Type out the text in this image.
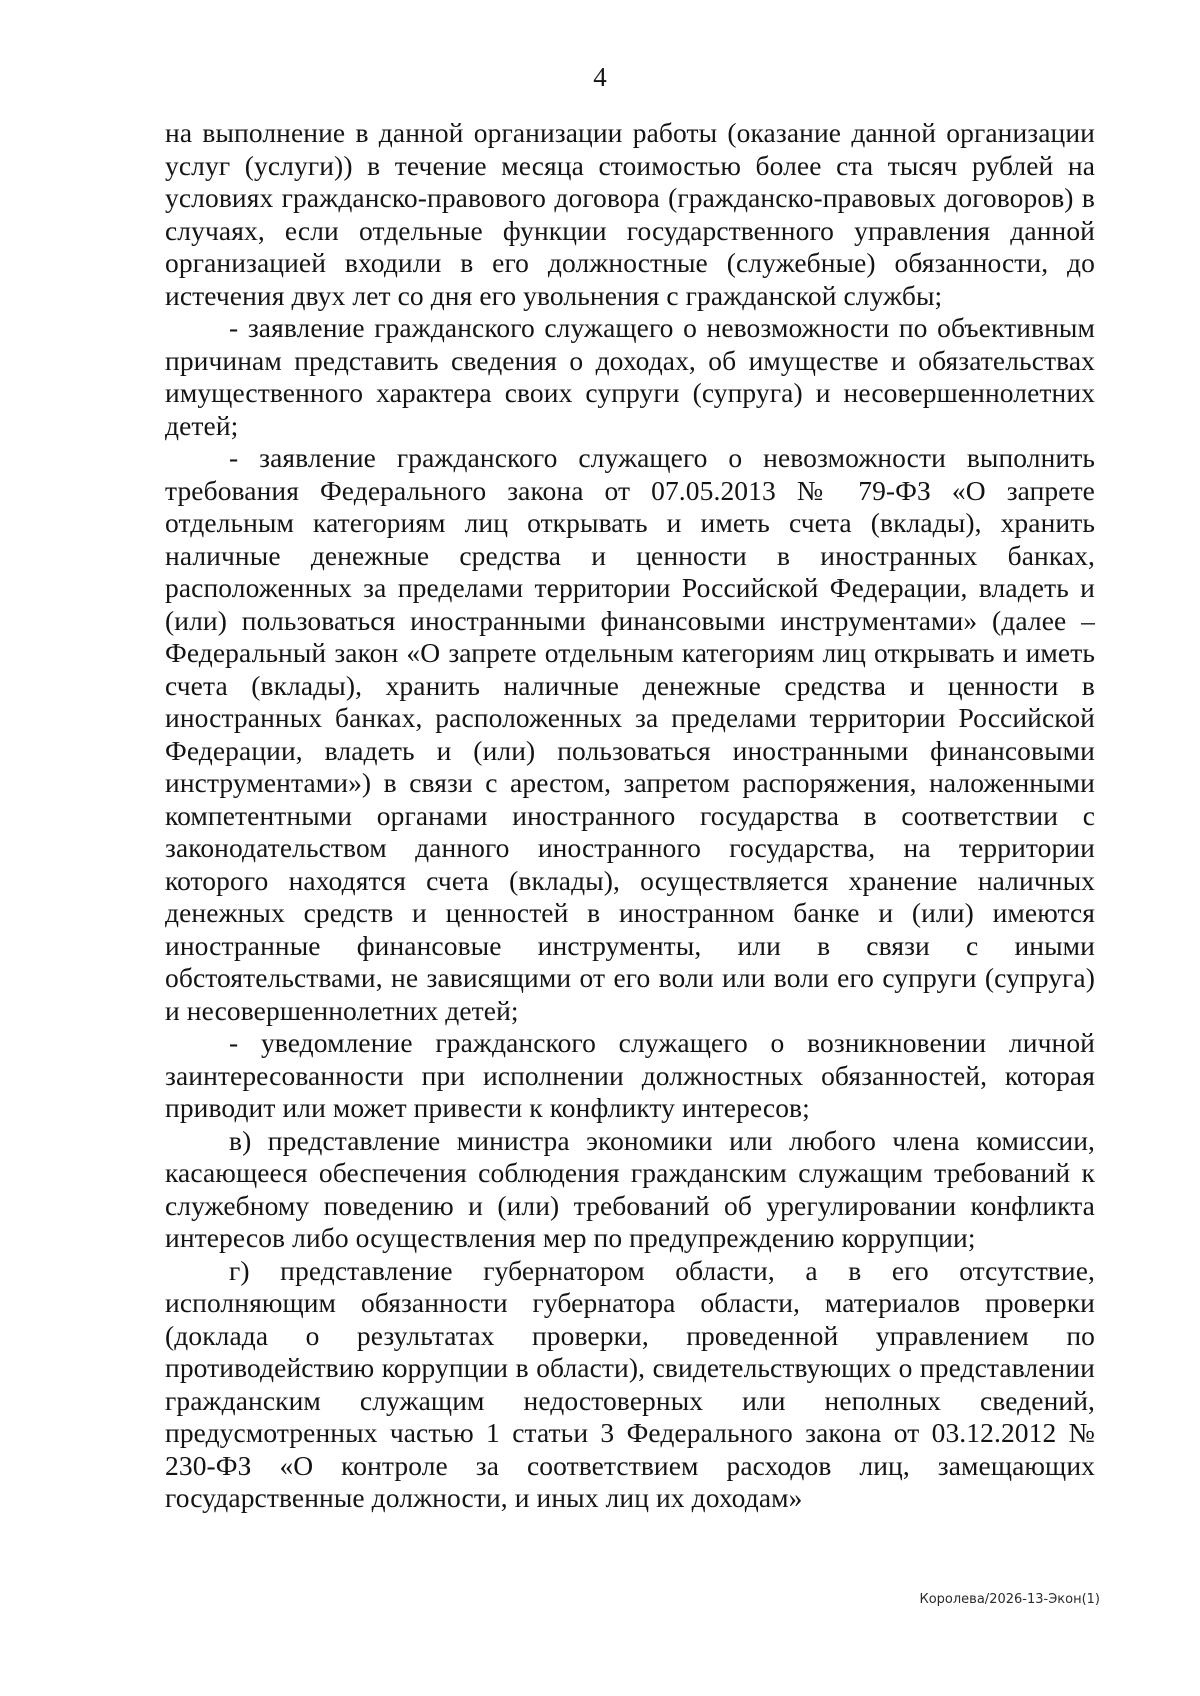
4

на выполнение в данной организации работы (оказание данной организации услуг (услуги)) в течение месяца стоимостью более ста тысяч рублей на условиях гражданско-правового договора (гражданско-правовых договоров) в случаях, если отдельные функции государственного управления данной организацией входили в его должностные (служебные) обязанности, до истечения двух лет со дня его увольнения с гражданской службы;

- заявление гражданского служащего о невозможности по объективным причинам представить сведения о доходах, об имуществе и обязательствах имущественного характера своих супруги (супруга) и несовершеннолетних детей;

- заявление гражданского служащего о невозможности выполнить требования Федерального закона от 07.05.2013 № 79-ФЗ «О запрете отдельным категориям лиц открывать и иметь счета (вклады), хранить наличные денежные средства и ценности в иностранных банках, расположенных за пределами территории Российской Федерации, владеть и (или) пользоваться иностранными финансовыми инструментами» (далее – Федеральный закон «О запрете отдельным категориям лиц открывать и иметь счета (вклады), хранить наличные денежные средства и ценности в иностранных банках, расположенных за пределами территории Российской Федерации, владеть и (или) пользоваться иностранными финансовыми инструментами») в связи с арестом, запретом распоряжения, наложенными компетентными органами иностранного государства в соответствии с законодательством данного иностранного государства, на территории которого находятся счета (вклады), осуществляется хранение наличных денежных средств и ценностей в иностранном банке и (или) имеются иностранные финансовые инструменты, или в связи с иными обстоятельствами, не зависящими от его воли или воли его супруги (супруга) и несовершеннолетних детей;

- уведомление гражданского служащего о возникновении личной заинтересованности при исполнении должностных обязанностей, которая приводит или может привести к конфликту интересов;

в) представление министра экономики или любого члена комиссии, касающееся обеспечения соблюдения гражданским служащим требований к служебному поведению и (или) требований об урегулировании конфликта интересов либо осуществления мер по предупреждению коррупции;

г) представление губернатором области, а в его отсутствие, исполняющим обязанности губернатора области, материалов проверки (доклада о результатах проверки, проведенной управлением по противодействию коррупции в области), свидетельствующих о представлении гражданским служащим недостоверных или неполных сведений, предусмотренных частью 1 статьи 3 Федерального закона от 03.12.2012 № 230-ФЗ «О контроле за соответствием расходов лиц, замещающих государственные должности, и иных лиц их доходам»

Королева/2026-13-Экон(1)
